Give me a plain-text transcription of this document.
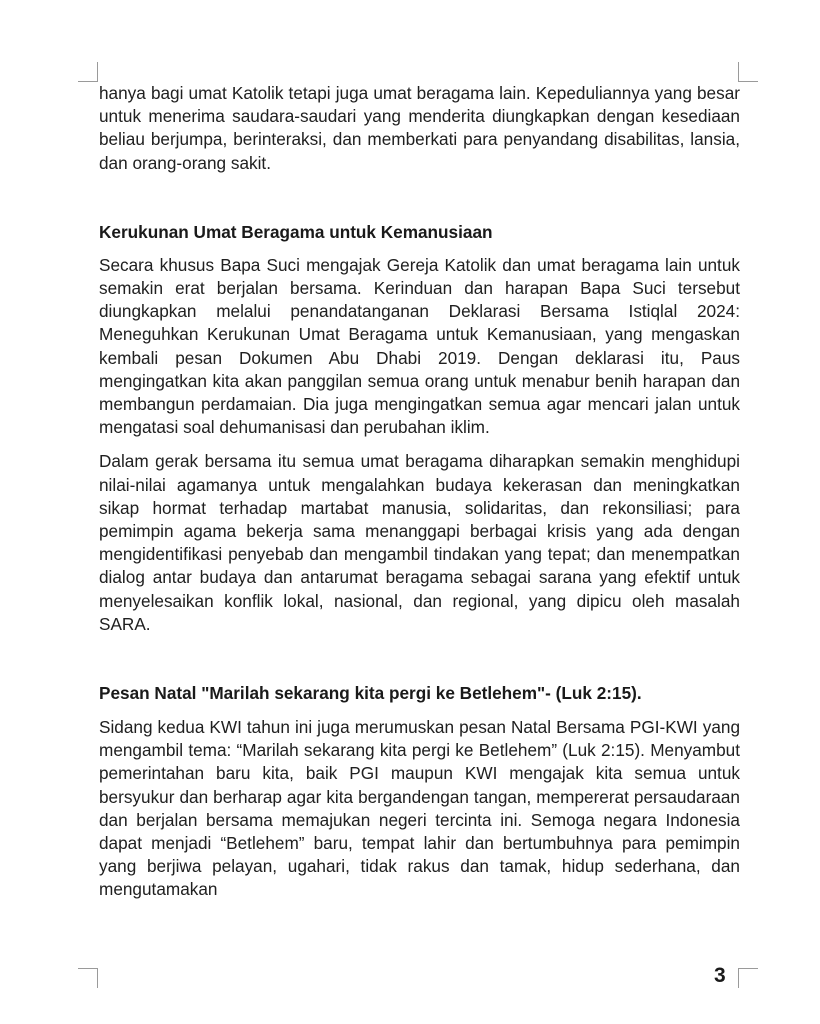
hanya bagi umat Katolik tetapi juga umat beragama lain. Kepeduliannya yang besar untuk menerima saudara-saudari yang menderita diungkapkan dengan kesediaan beliau berjumpa, berinteraksi, dan memberkati para penyandang disabilitas, lansia, dan orang-orang sakit.

Kerukunan Umat Beragama untuk Kemanusiaan

Secara khusus Bapa Suci mengajak Gereja Katolik dan umat beragama lain untuk semakin erat berjalan bersama. Kerinduan dan harapan Bapa Suci tersebut diungkapkan melalui penandatanganan Deklarasi Bersama Istiqlal 2024: Meneguhkan Kerukunan Umat Beragama untuk Kemanusiaan, yang mengaskan kembali pesan Dokumen Abu Dhabi 2019. Dengan deklarasi itu, Paus mengingatkan kita akan panggilan semua orang untuk menabur benih harapan dan membangun perdamaian. Dia juga mengingatkan semua agar mencari jalan untuk mengatasi soal dehumanisasi dan perubahan iklim.

Dalam gerak bersama itu semua umat beragama diharapkan semakin menghidupi nilai-nilai agamanya untuk mengalahkan budaya kekerasan dan meningkatkan sikap hormat terhadap martabat manusia, solidaritas, dan rekonsiliasi; para pemimpin agama bekerja sama menanggapi berbagai krisis yang ada dengan mengidentifikasi penyebab dan mengambil tindakan yang tepat; dan menempatkan dialog antar budaya dan antarumat beragama sebagai sarana yang efektif untuk menyelesaikan konflik lokal, nasional, dan regional, yang dipicu oleh masalah SARA.

Pesan Natal "Marilah sekarang kita pergi ke Betlehem"- (Luk 2:15).

Sidang kedua KWI tahun ini juga merumuskan pesan Natal Bersama PGI-KWI yang mengambil tema: “Marilah sekarang kita pergi ke Betlehem” (Luk 2:15). Menyambut pemerintahan baru kita, baik PGI maupun KWI mengajak kita semua untuk bersyukur dan berharap agar kita bergandengan tangan, mempererat persaudaraan dan berjalan bersama memajukan negeri tercinta ini. Semoga negara Indonesia dapat menjadi “Betlehem” baru, tempat lahir dan bertumbuhnya para pemimpin yang berjiwa pelayan, ugahari, tidak rakus dan tamak, hidup sederhana, dan mengutamakan

3
